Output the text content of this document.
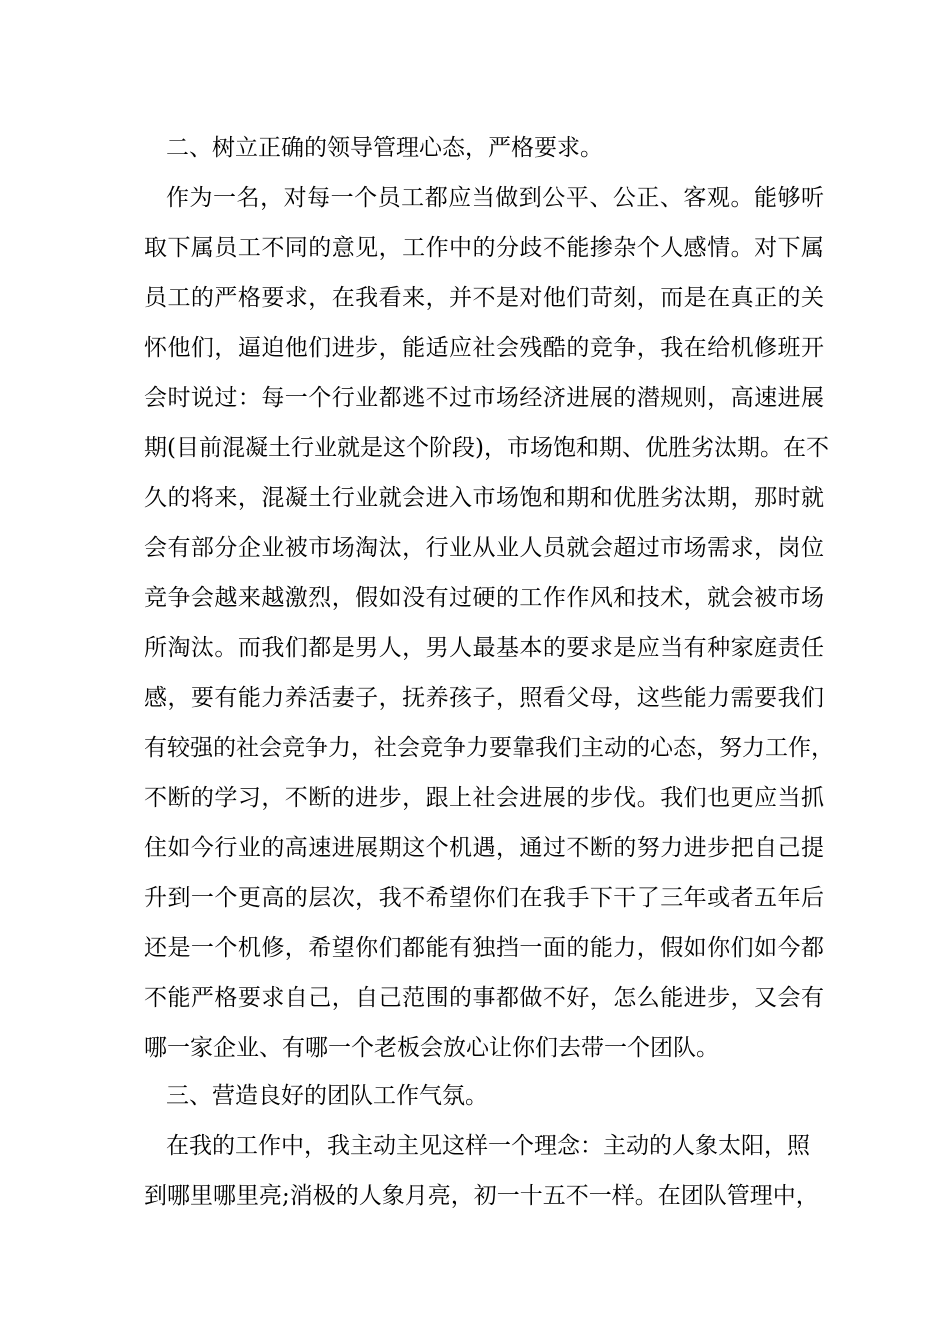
二、树立正确的领导管理心态，严格要求。
作为一名，对每一个员工都应当做到公平、公正、客观。能够听
取下属员工不同的意见，工作中的分歧不能掺杂个人感情。对下属
员工的严格要求，在我看来，并不是对他们苛刻，而是在真正的关
怀他们，逼迫他们进步，能适应社会残酷的竞争，我在给机修班开
会时说过：每一个行业都逃不过市场经济进展的潜规则，高速进展
期(目前混凝土行业就是这个阶段)，市场饱和期、优胜劣汰期。在不
久的将来，混凝土行业就会进入市场饱和期和优胜劣汰期，那时就
会有部分企业被市场淘汰，行业从业人员就会超过市场需求，岗位
竞争会越来越激烈，假如没有过硬的工作作风和技术，就会被市场
所淘汰。而我们都是男人，男人最基本的要求是应当有种家庭责任
感，要有能力养活妻子，抚养孩子，照看父母，这些能力需要我们
有较强的社会竞争力，社会竞争力要靠我们主动的心态，努力工作，
不断的学习，不断的进步，跟上社会进展的步伐。我们也更应当抓
住如今行业的高速进展期这个机遇，通过不断的努力进步把自己提
升到一个更高的层次，我不希望你们在我手下干了三年或者五年后
还是一个机修，希望你们都能有独挡一面的能力，假如你们如今都
不能严格要求自己，自己范围的事都做不好，怎么能进步，又会有
哪一家企业、有哪一个老板会放心让你们去带一个团队。
三、营造良好的团队工作气氛。
在我的工作中，我主动主见这样一个理念：主动的人象太阳，照
到哪里哪里亮;消极的人象月亮，初一十五不一样。在团队管理中，
